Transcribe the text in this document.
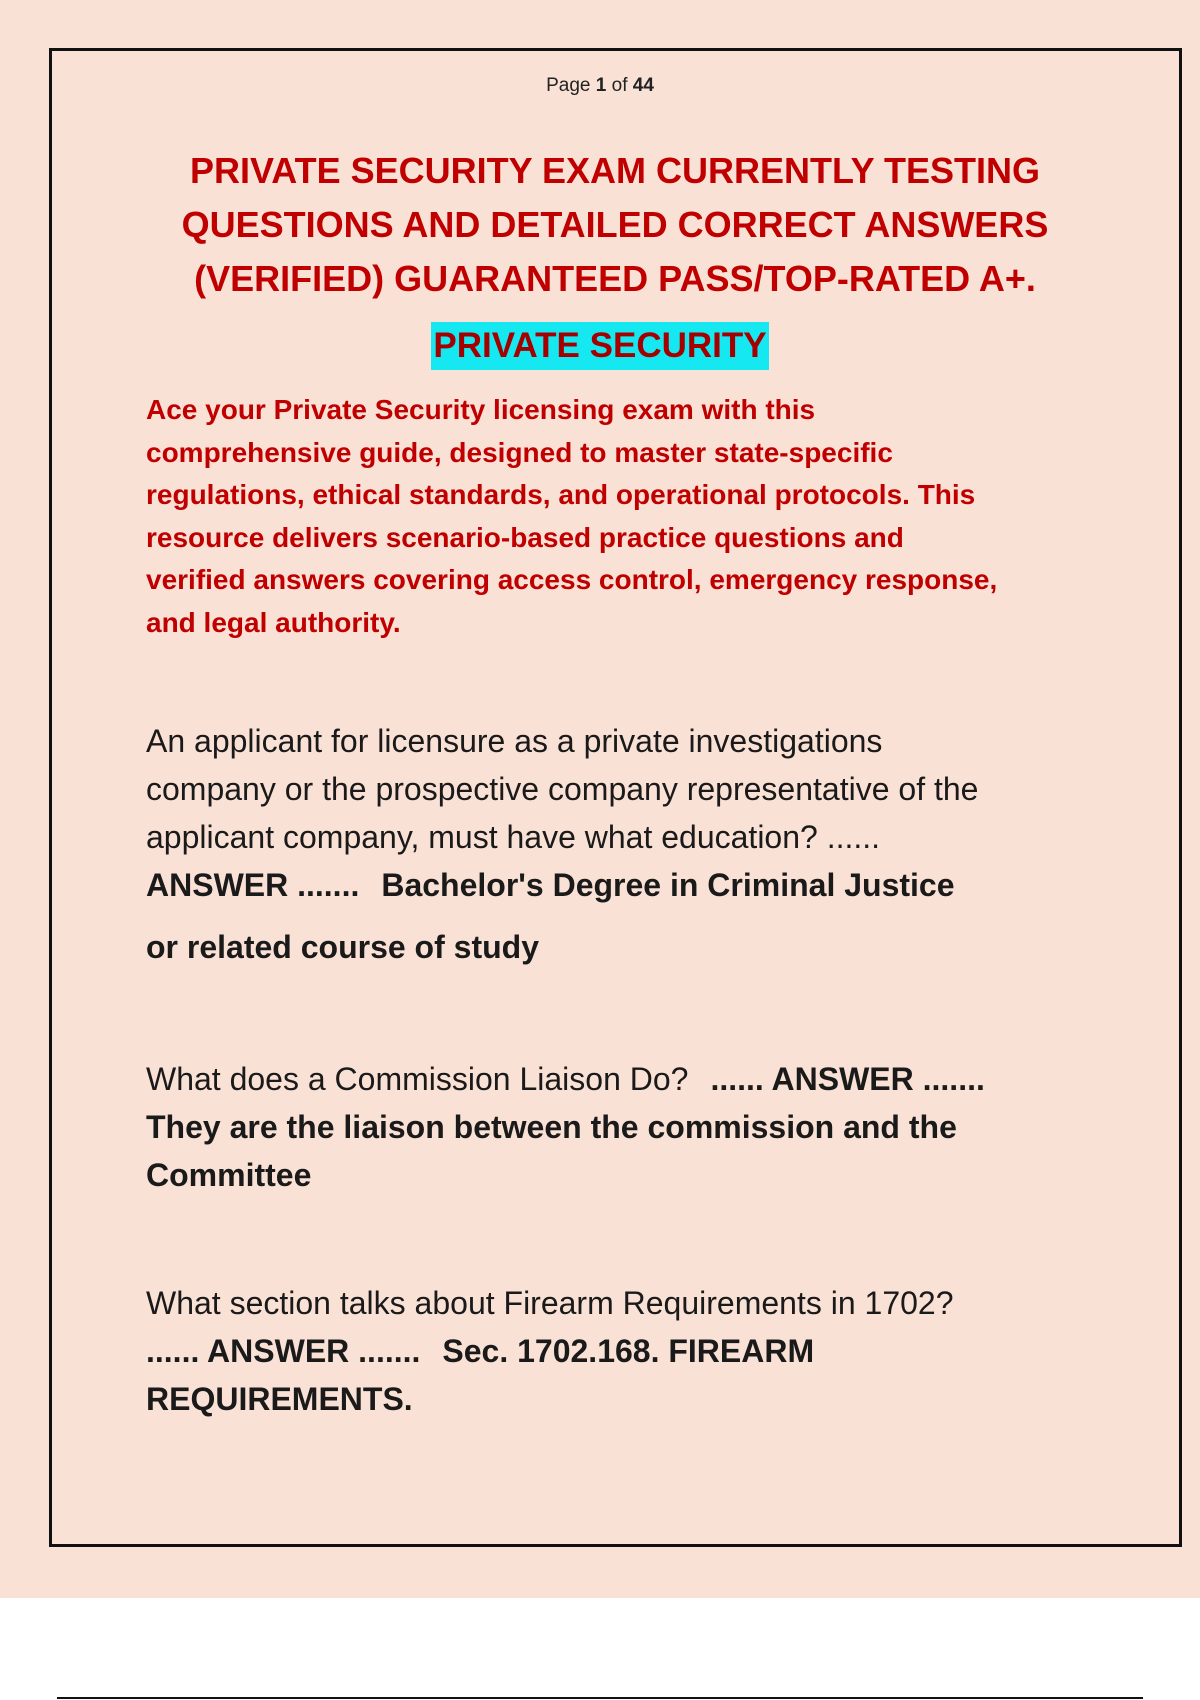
Page 1 of 44
PRIVATE SECURITY EXAM CURRENTLY TESTING
QUESTIONS AND DETAILED CORRECT ANSWERS
(VERIFIED) GUARANTEED PASS/TOP-RATED A+.
PRIVATE SECURITY
Ace your Private Security licensing exam with this
comprehensive guide, designed to master state-specific
regulations, ethical standards, and operational protocols. This
resource delivers scenario-based practice questions and
verified answers covering access control, emergency response,
and legal authority.
An applicant for licensure as a private investigations
company or the prospective company representative of the
applicant company, must have what education? ......
ANSWER ....... Bachelor's Degree in Criminal Justice
or related course of study
What does a Commission Liaison Do? ...... ANSWER .......
They are the liaison between the commission and the
Committee
What section talks about Firearm Requirements in 1702?
...... ANSWER ....... Sec. 1702.168. FIREARM
REQUIREMENTS.
